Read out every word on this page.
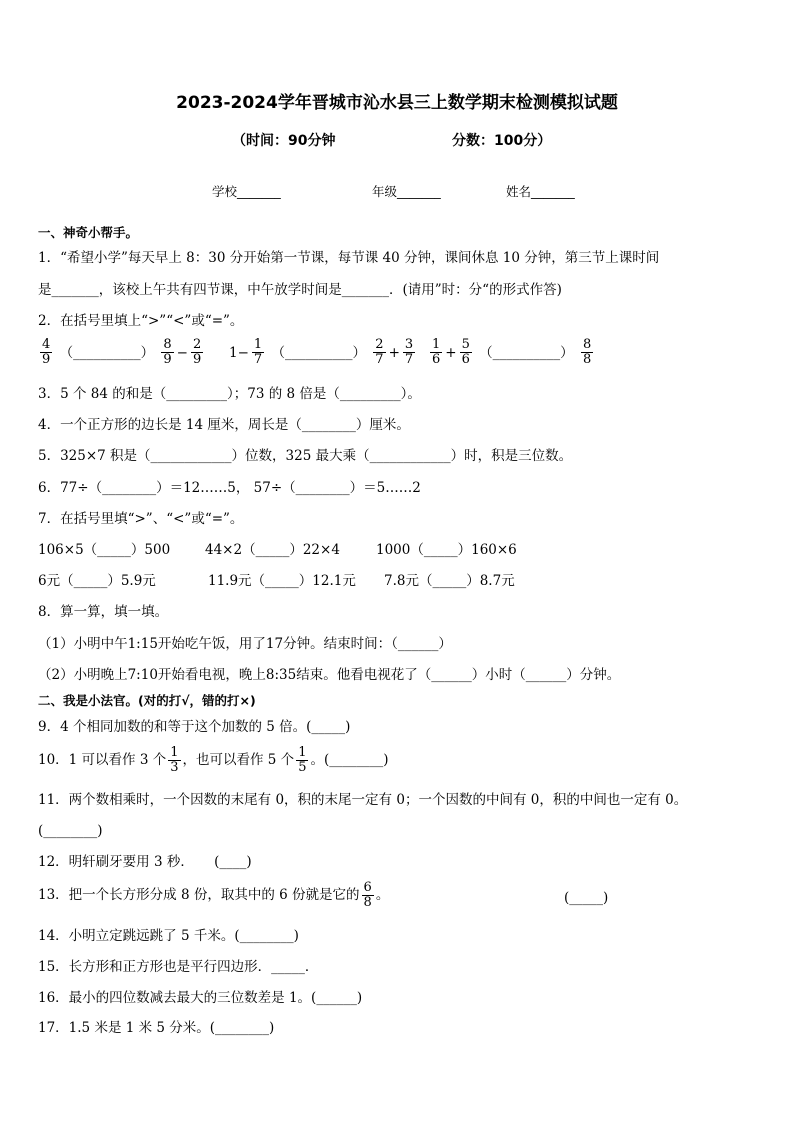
2023-2024学年晋城市沁水县三上数学期末检测模拟试题
（时间：90分钟	分数：100分）
学校_______	年级_______	姓名_______
一、神奇小帮手。
1．“希望小学”每天早上 8：30 分开始第一节课，每节课 40 分钟，课间休息 10 分钟，第三节上课时间
是_______，该校上午共有四节课，中午放学时间是_______．(请用”时：分“的形式作答)
2．在括号里填上“>”“<”或“=”。
$\frac{4}{9}$ （__________） $\frac{8}{9} - \frac{2}{9} 1- \frac{1}{7}$ （__________） $\frac{2}{7} + \frac{3}{7} \frac{1}{6} + \frac{5}{6}$ （__________） $\frac{8}{8}$
3．5 个 84 的和是（_________）；73 的 8 倍是（_________）。
4．一个正方形的边长是 14 厘米，周长是（________）厘米。
5．325×7 积是（____________）位数，325 最大乘（____________）时，积是三位数。
6．77÷（________）＝12……5， 57÷（________）＝5……2
7．在括号里填“>”、“<”或“=”。
106×5（_____）500	44×2（_____）22×4	1000（_____）160×6
6元（_____）5.9元	11.9元（_____）12.1元 7.8元（_____）8.7元
8．算一算，填一填。
（1）小明中午1:15开始吃午饭，用了17分钟。结束时间：（______）
（2）小明晚上7:10开始看电视，晚上8:35结束。他看电视花了（______）小时（______）分钟。
二、我是小法官。(对的打√，错的打×)
9．4 个相同加数的和等于这个加数的 5 倍。(_____)
10．1 可以看作 3 个 $\frac{1}{3}$ ，也可以看作 5 个 $\frac{1}{5}$ 。(________)
11．两个数相乘时，一个因数的末尾有 0，积的末尾一定有 0；一个因数的中间有 0，积的中间也一定有 0。
(________)
12．明轩刷牙要用 3 秒．　　(____)
13．把一个长方形分成 8 份，取其中的 6 份就是它的 $\frac{6}{8}$ 。	(_____)
14．小明立定跳远跳了 5 千米。(________)
15．长方形和正方形也是平行四边形．_____．
16．最小的四位数减去最大的三位数差是 1。(______)
17．1.5 米是 1 米 5 分米。(________)
